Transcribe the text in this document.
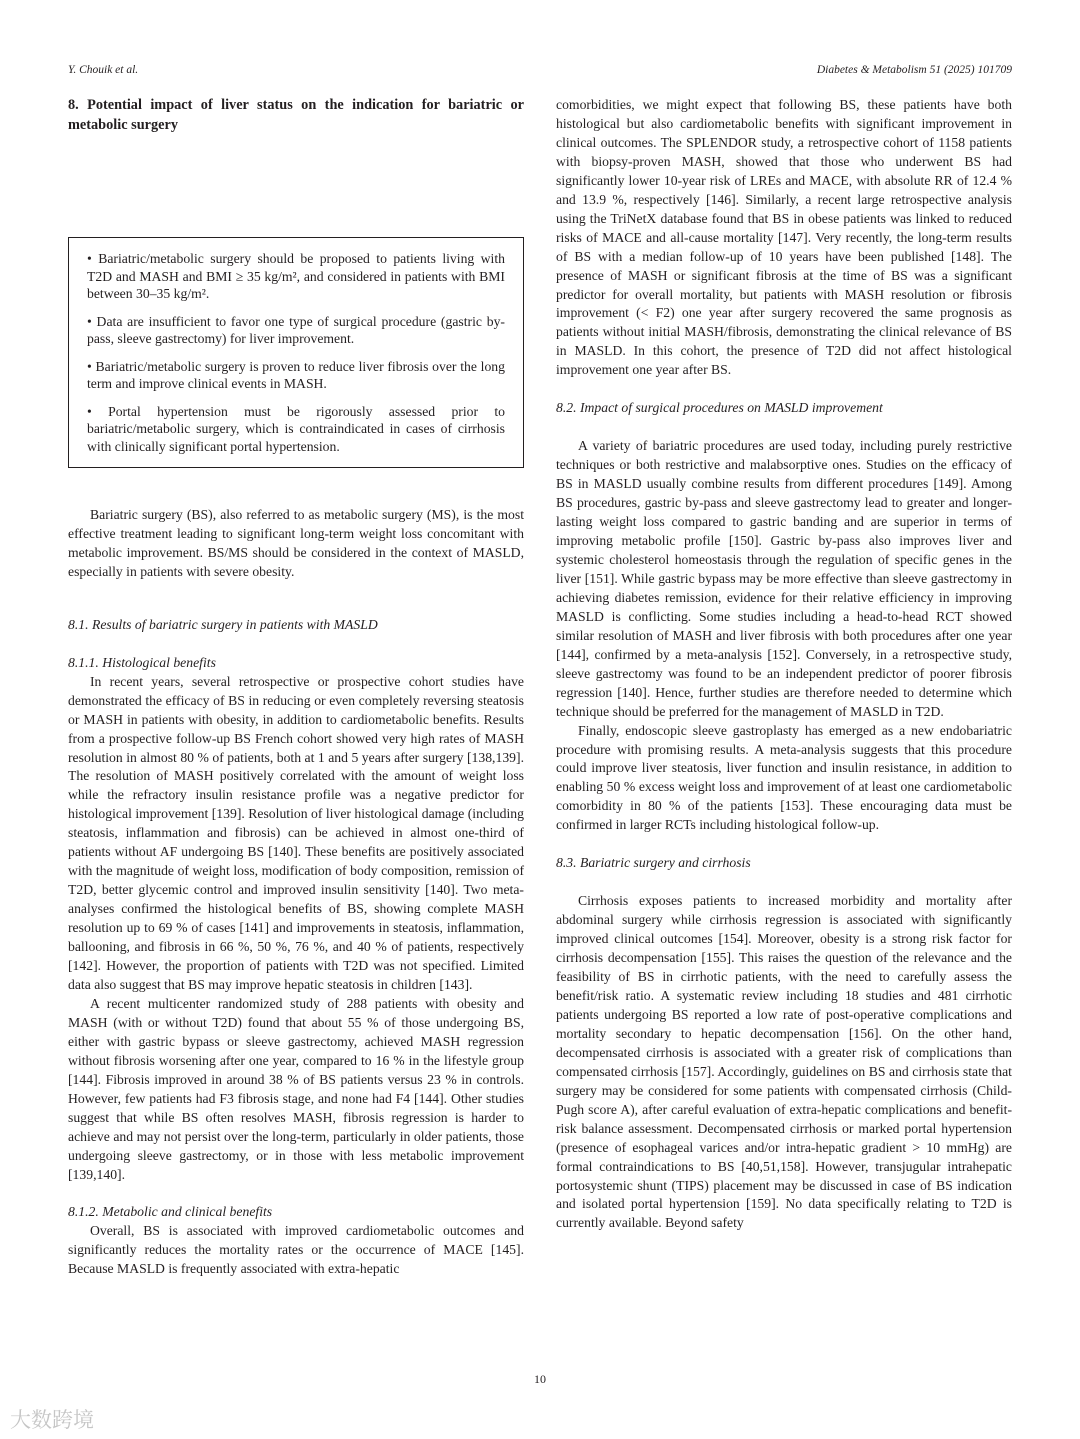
Y. Chouik et al.	Diabetes & Metabolism 51 (2025) 101709
8. Potential impact of liver status on the indication for bariatric or metabolic surgery

• Bariatric/metabolic surgery should be proposed to patients living with T2D and MASH and BMI ≥ 35 kg/m², and considered in patients with BMI between 30–35 kg/m².

• Data are insufficient to favor one type of surgical procedure (gastric by-pass, sleeve gastrectomy) for liver improvement.

• Bariatric/metabolic surgery is proven to reduce liver fibrosis over the long term and improve clinical events in MASH.

• Portal hypertension must be rigorously assessed prior to bariatric/metabolic surgery, which is contraindicated in cases of cirrhosis with clinically significant portal hypertension.

Bariatric surgery (BS), also referred to as metabolic surgery (MS), is the most effective treatment leading to significant long-term weight loss concomitant with metabolic improvement. BS/MS should be considered in the context of MASLD, especially in patients with severe obesity.

8.1. Results of bariatric surgery in patients with MASLD

8.1.1. Histological benefits

In recent years, several retrospective or prospective cohort studies have demonstrated the efficacy of BS in reducing or even completely reversing steatosis or MASH in patients with obesity, in addition to cardiometabolic benefits. Results from a prospective follow-up BS French cohort showed very high rates of MASH resolution in almost 80 % of patients, both at 1 and 5 years after surgery [138,139]. The resolution of MASH positively correlated with the amount of weight loss while the refractory insulin resistance profile was a negative predictor for histological improvement [139]. Resolution of liver histological damage (including steatosis, inflammation and fibrosis) can be achieved in almost one-third of patients without AF undergoing BS [140]. These benefits are positively associated with the magnitude of weight loss, modification of body composition, remission of T2D, better glycemic control and improved insulin sensitivity [140]. Two meta-analyses confirmed the histological benefits of BS, showing complete MASH resolution up to 69 % of cases [141] and improvements in steatosis, inflammation, ballooning, and fibrosis in 66 %, 50 %, 76 %, and 40 % of patients, respectively [142]. However, the proportion of patients with T2D was not specified. Limited data also suggest that BS may improve hepatic steatosis in children [143].

A recent multicenter randomized study of 288 patients with obesity and MASH (with or without T2D) found that about 55 % of those undergoing BS, either with gastric bypass or sleeve gastrectomy, achieved MASH regression without fibrosis worsening after one year, compared to 16 % in the lifestyle group [144]. Fibrosis improved in around 38 % of BS patients versus 23 % in controls. However, few patients had F3 fibrosis stage, and none had F4 [144]. Other studies suggest that while BS often resolves MASH, fibrosis regression is harder to achieve and may not persist over the long-term, particularly in older patients, those undergoing sleeve gastrectomy, or in those with less metabolic improvement [139,140].

8.1.2. Metabolic and clinical benefits

Overall, BS is associated with improved cardiometabolic outcomes and significantly reduces the mortality rates or the occurrence of MACE [145]. Because MASLD is frequently associated with extra-hepatic

comorbidities, we might expect that following BS, these patients have both histological but also cardiometabolic benefits with significant improvement in clinical outcomes. The SPLENDOR study, a retrospective cohort of 1158 patients with biopsy-proven MASH, showed that those who underwent BS had significantly lower 10-year risk of LREs and MACE, with absolute RR of 12.4 % and 13.9 %, respectively [146]. Similarly, a recent large retrospective analysis using the TriNetX database found that BS in obese patients was linked to reduced risks of MACE and all-cause mortality [147]. Very recently, the long-term results of BS with a median follow-up of 10 years have been published [148]. The presence of MASH or significant fibrosis at the time of BS was a significant predictor for overall mortality, but patients with MASH resolution or fibrosis improvement (< F2) one year after surgery recovered the same prognosis as patients without initial MASH/fibrosis, demonstrating the clinical relevance of BS in MASLD. In this cohort, the presence of T2D did not affect histological improvement one year after BS.

8.2. Impact of surgical procedures on MASLD improvement

A variety of bariatric procedures are used today, including purely restrictive techniques or both restrictive and malabsorptive ones. Studies on the efficacy of BS in MASLD usually combine results from different procedures [149]. Among BS procedures, gastric by-pass and sleeve gastrectomy lead to greater and longer-lasting weight loss compared to gastric banding and are superior in terms of improving metabolic profile [150]. Gastric by-pass also improves liver and systemic cholesterol homeostasis through the regulation of specific genes in the liver [151]. While gastric bypass may be more effective than sleeve gastrectomy in achieving diabetes remission, evidence for their relative efficiency in improving MASLD is conflicting. Some studies including a head-to-head RCT showed similar resolution of MASH and liver fibrosis with both procedures after one year [144], confirmed by a meta-analysis [152]. Conversely, in a retrospective study, sleeve gastrectomy was found to be an independent predictor of poorer fibrosis regression [140]. Hence, further studies are therefore needed to determine which technique should be preferred for the management of MASLD in T2D.

Finally, endoscopic sleeve gastroplasty has emerged as a new endobariatric procedure with promising results. A meta-analysis suggests that this procedure could improve liver steatosis, liver function and insulin resistance, in addition to enabling 50 % excess weight loss and improvement of at least one cardiometabolic comorbidity in 80 % of the patients [153]. These encouraging data must be confirmed in larger RCTs including histological follow-up.

8.3. Bariatric surgery and cirrhosis

Cirrhosis exposes patients to increased morbidity and mortality after abdominal surgery while cirrhosis regression is associated with significantly improved clinical outcomes [154]. Moreover, obesity is a strong risk factor for cirrhosis decompensation [155]. This raises the question of the relevance and the feasibility of BS in cirrhotic patients, with the need to carefully assess the benefit/risk ratio. A systematic review including 18 studies and 481 cirrhotic patients undergoing BS reported a low rate of post-operative complications and mortality secondary to hepatic decompensation [156]. On the other hand, decompensated cirrhosis is associated with a greater risk of complications than compensated cirrhosis [157]. Accordingly, guidelines on BS and cirrhosis state that surgery may be considered for some patients with compensated cirrhosis (Child-Pugh score A), after careful evaluation of extra-hepatic complications and benefit-risk balance assessment. Decompensated cirrhosis or marked portal hypertension (presence of esophageal varices and/or intra-hepatic gradient > 10 mmHg) are formal contraindications to BS [40,51,158]. However, transjugular intrahepatic portosystemic shunt (TIPS) placement may be discussed in case of BS indication and isolated portal hypertension [159]. No data specifically relating to T2D is currently available. Beyond safety

10
大数跨境
